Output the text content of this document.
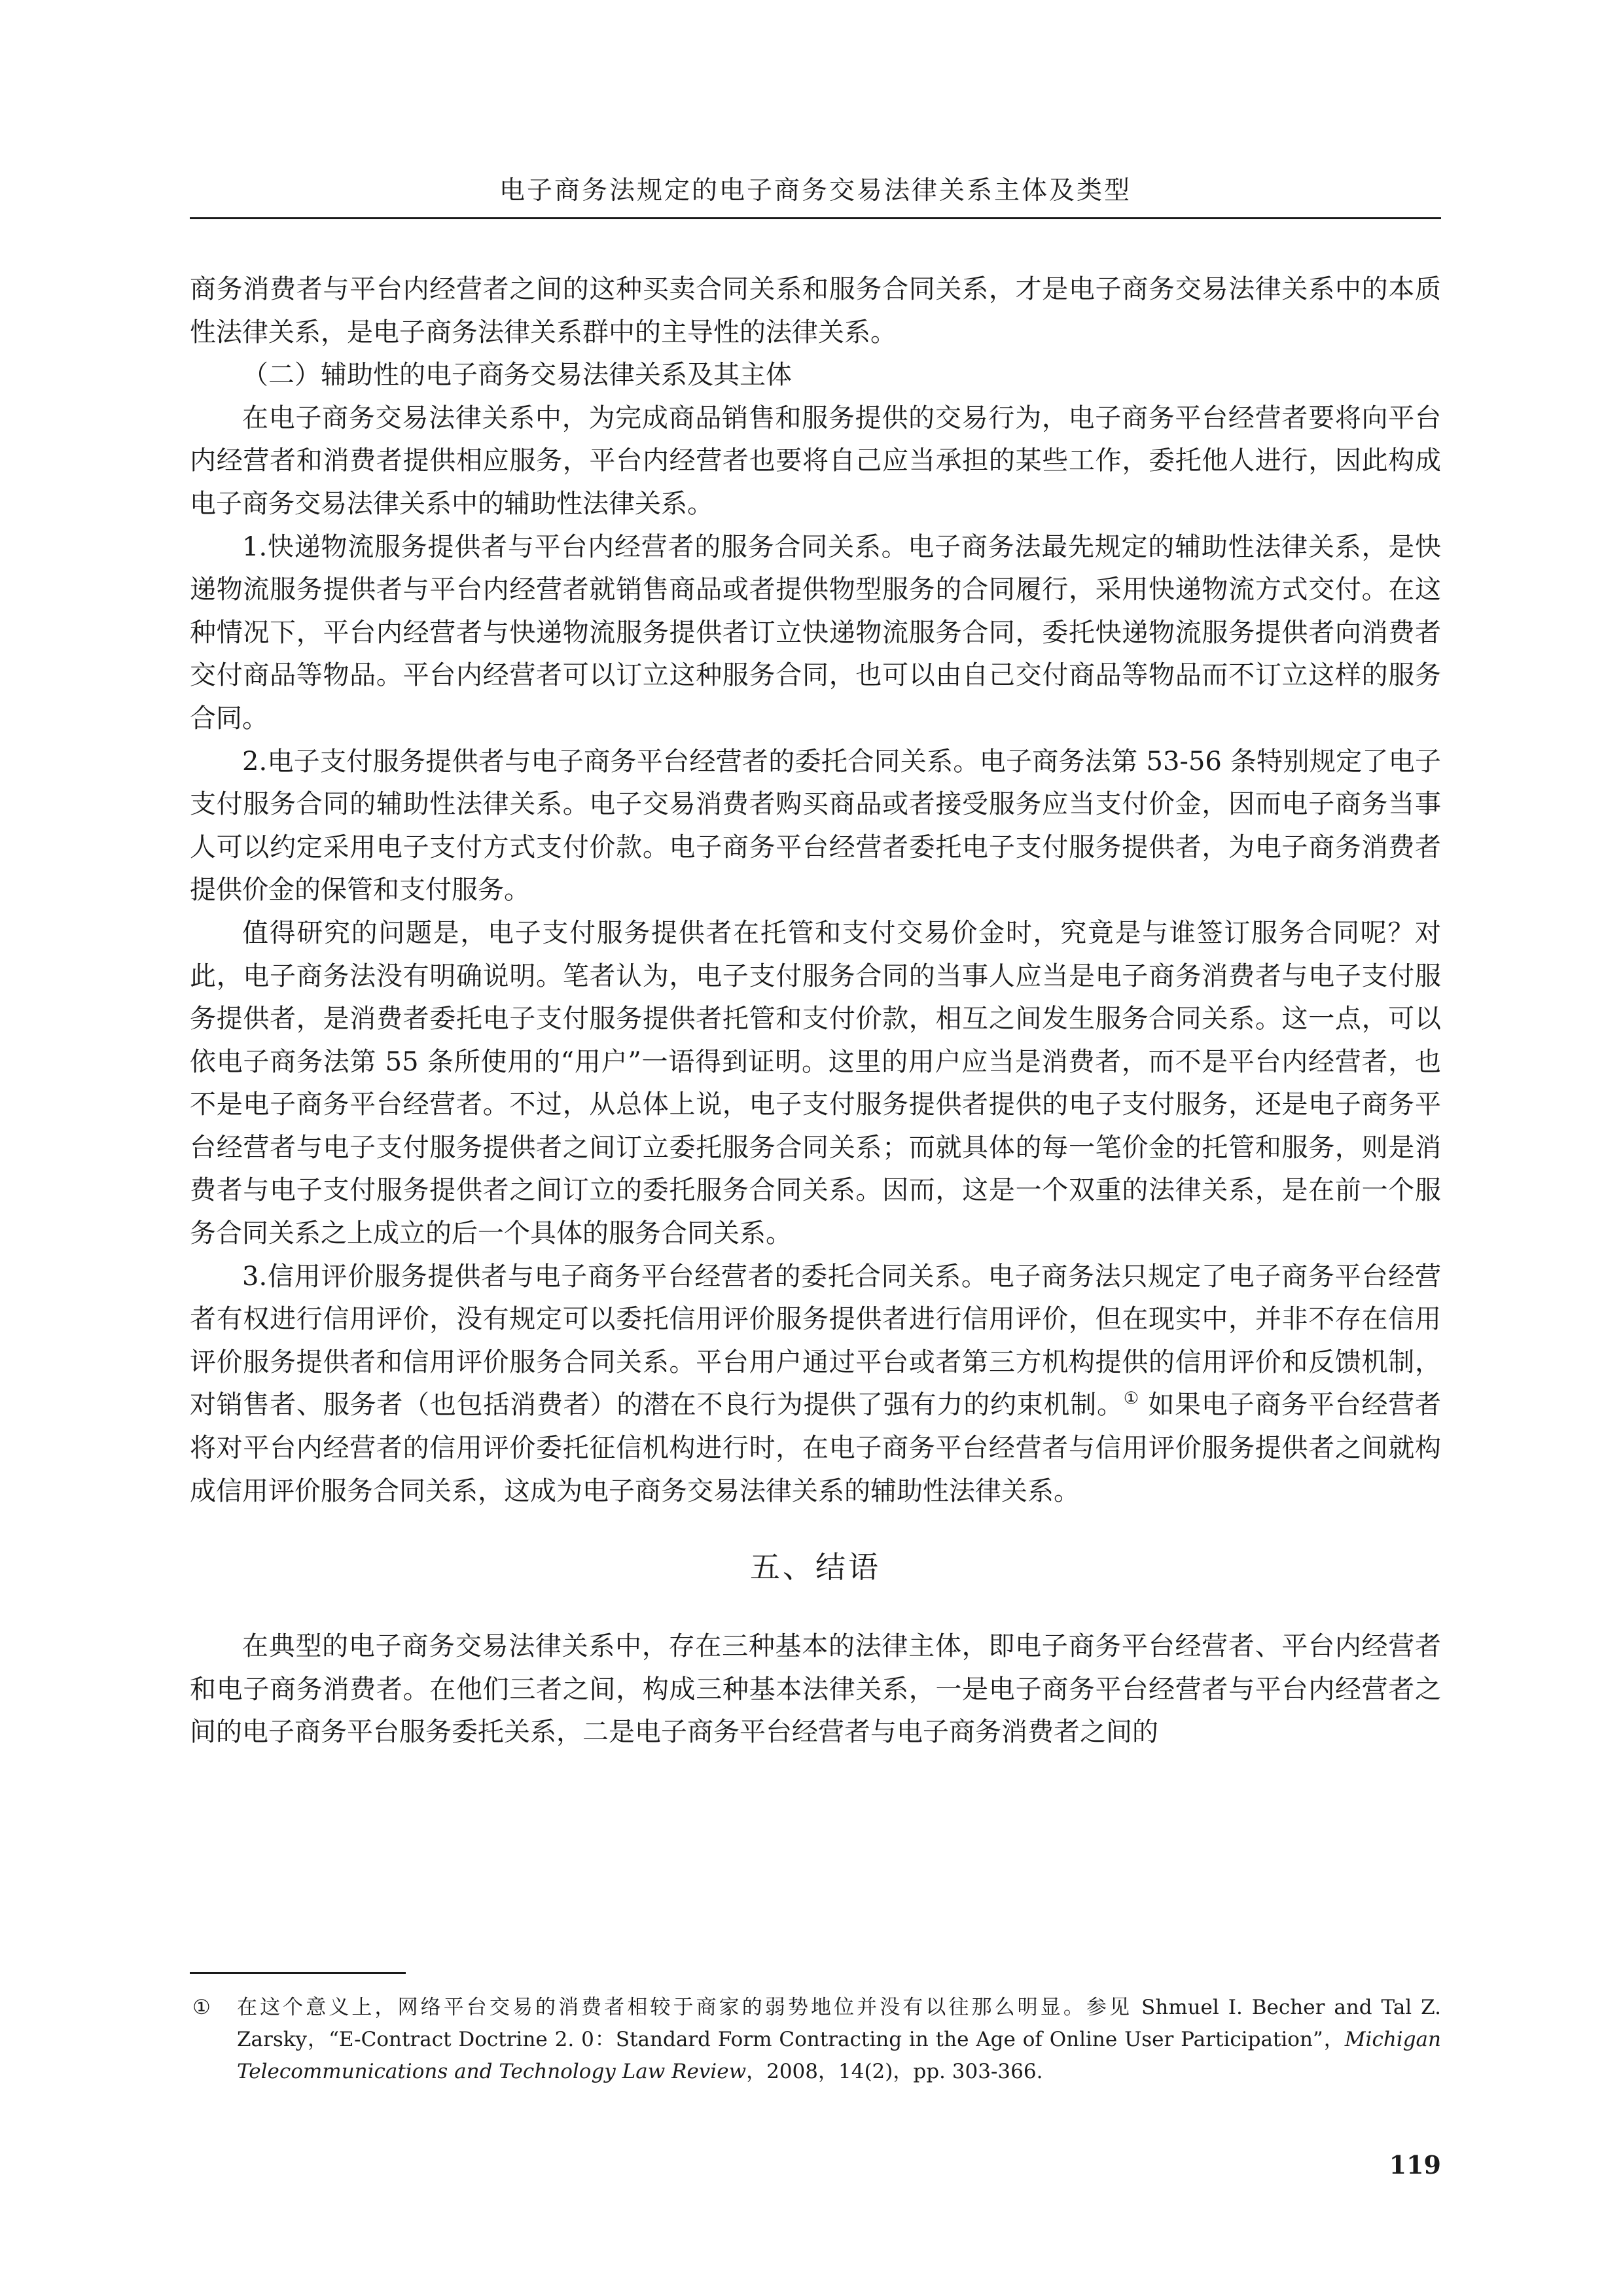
电子商务法规定的电子商务交易法律关系主体及类型

商务消费者与平台内经营者之间的这种买卖合同关系和服务合同关系，才是电子商务交易法律关系中的本质性法律关系，是电子商务法律关系群中的主导性的法律关系。

（二）辅助性的电子商务交易法律关系及其主体

在电子商务交易法律关系中，为完成商品销售和服务提供的交易行为，电子商务平台经营者要将向平台内经营者和消费者提供相应服务，平台内经营者也要将自己应当承担的某些工作，委托他人进行，因此构成电子商务交易法律关系中的辅助性法律关系。

1.快递物流服务提供者与平台内经营者的服务合同关系。电子商务法最先规定的辅助性法律关系，是快递物流服务提供者与平台内经营者就销售商品或者提供物型服务的合同履行，采用快递物流方式交付。在这种情况下，平台内经营者与快递物流服务提供者订立快递物流服务合同，委托快递物流服务提供者向消费者交付商品等物品。平台内经营者可以订立这种服务合同，也可以由自己交付商品等物品而不订立这样的服务合同。

2.电子支付服务提供者与电子商务平台经营者的委托合同关系。电子商务法第 53-56 条特别规定了电子支付服务合同的辅助性法律关系。电子交易消费者购买商品或者接受服务应当支付价金，因而电子商务当事人可以约定采用电子支付方式支付价款。电子商务平台经营者委托电子支付服务提供者，为电子商务消费者提供价金的保管和支付服务。

值得研究的问题是，电子支付服务提供者在托管和支付交易价金时，究竟是与谁签订服务合同呢？对此，电子商务法没有明确说明。笔者认为，电子支付服务合同的当事人应当是电子商务消费者与电子支付服务提供者，是消费者委托电子支付服务提供者托管和支付价款，相互之间发生服务合同关系。这一点，可以依电子商务法第 55 条所使用的“用户”一语得到证明。这里的用户应当是消费者，而不是平台内经营者，也不是电子商务平台经营者。不过，从总体上说，电子支付服务提供者提供的电子支付服务，还是电子商务平台经营者与电子支付服务提供者之间订立委托服务合同关系；而就具体的每一笔价金的托管和服务，则是消费者与电子支付服务提供者之间订立的委托服务合同关系。因而，这是一个双重的法律关系，是在前一个服务合同关系之上成立的后一个具体的服务合同关系。

3.信用评价服务提供者与电子商务平台经营者的委托合同关系。电子商务法只规定了电子商务平台经营者有权进行信用评价，没有规定可以委托信用评价服务提供者进行信用评价，但在现实中，并非不存在信用评价服务提供者和信用评价服务合同关系。平台用户通过平台或者第三方机构提供的信用评价和反馈机制，对销售者、服务者（也包括消费者）的潜在不良行为提供了强有力的约束机制。① 如果电子商务平台经营者将对平台内经营者的信用评价委托征信机构进行时，在电子商务平台经营者与信用评价服务提供者之间就构成信用评价服务合同关系，这成为电子商务交易法律关系的辅助性法律关系。

五、结语

在典型的电子商务交易法律关系中，存在三种基本的法律主体，即电子商务平台经营者、平台内经营者和电子商务消费者。在他们三者之间，构成三种基本法律关系，一是电子商务平台经营者与平台内经营者之间的电子商务平台服务委托关系，二是电子商务平台经营者与电子商务消费者之间的

① 在这个意义上，网络平台交易的消费者相较于商家的弱势地位并没有以往那么明显。参见 Shmuel I. Becher and Tal Z. Zarsky，“E-Contract Doctrine 2. 0：Standard Form Contracting in the Age of Online User Participation”，Michigan Telecommunications and Technology Law Review，2008，14(2)，pp. 303-366.
119
